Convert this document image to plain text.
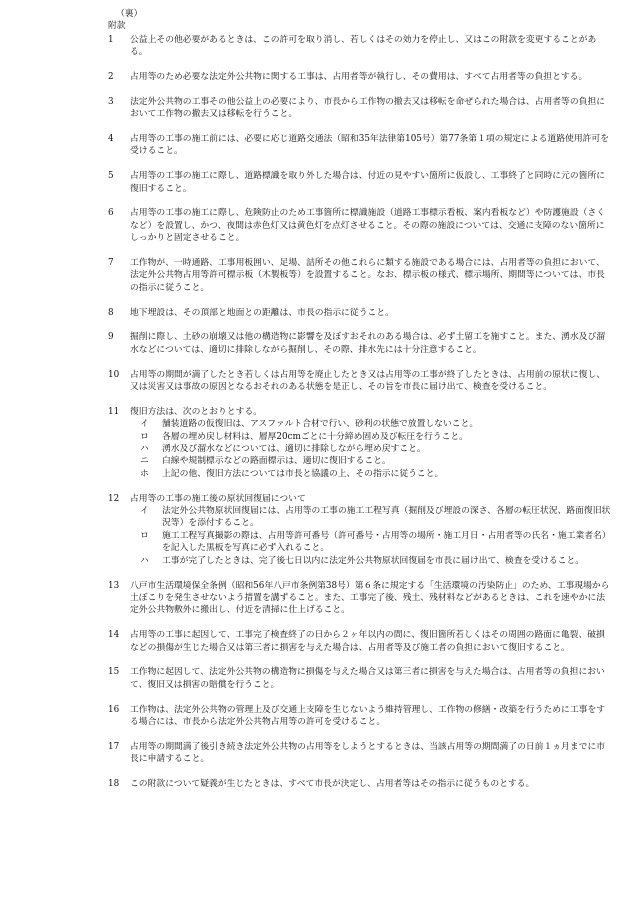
（裏）
附款
1	公益上その他必要があるときは、この許可を取り消し、若しくはその効力を停止し、又はこの附款を変更することがある。
2	占用等のため必要な法定外公共物に関する工事は、占用者等が執行し、その費用は、すべて占用者等の負担とする。
3	法定外公共物の工事その他公益上の必要により、市長から工作物の撤去又は移転を命ぜられた場合は、占用者等の負担において工作物の撤去又は移転を行うこと。
4	占用等の工事の施工前には、必要に応じ道路交通法（昭和35年法律第105号）第77条第１項の規定による道路使用許可を受けること。
5	占用等の工事の施工に際し、道路標識を取り外した場合は、付近の見やすい箇所に仮設し、工事終了と同時に元の箇所に復旧すること。
6	占用等の工事の施工に際し、危険防止のため工事箇所に標識施設（道路工事標示看板、案内看板など）や防護施設（さくなど）を設置し、かつ、夜間は赤色灯又は黄色灯を点灯させること。その際の施設については、交通に支障のない箇所にしっかりと固定させること。
7	工作物が、一時通路、工事用板囲い、足場、詰所その他これらに類する施設である場合には、占用者等の負担において、法定外公共物占用等許可標示板（木製板等）を設置すること。なお、標示板の様式、標示場所、期間等については、市長の指示に従うこと。
8	地下埋設は、その頂部と地面との距離は、市長の指示に従うこと。
9	掘削に際し、土砂の崩壊又は他の構造物に影響を及ぼすおそれのある場合は、必ず土留工を施すこと。また、湧水及び溜水などについては、適切に排除しながら掘削し、その際、排水先には十分注意すること。
10	占用等の期間が満了したとき若しくは占用等を廃止したとき又は占用等の工事が終了したときは、占用前の原状に復し、又は災害又は事故の原因となるおそれのある状態を是正し、その旨を市長に届け出て、検査を受けること。
11	復旧方法は、次のとおりとする。
イ	舗装道路の仮復旧は、アスファルト合材で行い、砂利の状態で放置しないこと。
ロ	各層の埋め戻し材料は、層厚20cmごとに十分締め固め及び転圧を行うこと。
ハ	湧水及び溜水などについては、適切に排除しながら埋め戻すこと。
ニ	白線や規制標示などの路面標示は、適切に復旧すること。
ホ	上記の他、復旧方法については市長と協議の上、その指示に従うこと。
12	占用等の工事の施工後の原状回復届について
イ	法定外公共物原状回復届には、占用等の工事の施工工程写真（掘削及び埋設の深さ、各層の転圧状況、路面復旧状況等）を添付すること。
ロ	施工工程写真撮影の際は、占用等許可番号（許可番号・占用等の場所・施工月日・占用者等の氏名・施工業者名）を記入した黒板を写真に必ず入れること。
ハ	工事が完了したときは、完了後七日以内に法定外公共物原状回復届を市長に届け出て、検査を受けること。
13	八戸市生活環境保全条例（昭和56年八戸市条例第38号）第６条に規定する「生活環境の汚染防止」のため、工事現場から土ぼこりを発生させないよう措置を講ずること。また、工事完了後、残土、残材料などがあるときは、これを速やかに法定外公共物敷外に搬出し、付近を清掃に仕上げること。
14	占用等の工事に起因して、工事完了検査終了の日から２ヶ年以内の間に、復旧箇所若しくはその周囲の路面に亀裂、破損などの損傷が生じた場合又は第三者に損害を与えた場合は、占用者等及び施工者の負担において復旧すること。
15	工作物に起因して、法定外公共物の構造物に損傷を与えた場合又は第三者に損害を与えた場合は、占用者等の負担において、復旧又は損害の賠償を行うこと。
16	工作物は、法定外公共物の管理上及び交通上支障を生じないよう維持管理し、工作物の修繕・改築を行うために工事をする場合には、市長から法定外公共物占用等の許可を受けること。
17	占用等の期間満了後引き続き法定外公共物の占用等をしようとするときは、当該占用等の期間満了の日前１ヵ月までに市長に申請すること。
18	この附款について疑義が生じたときは、すべて市長が決定し、占用者等はその指示に従うものとする。
